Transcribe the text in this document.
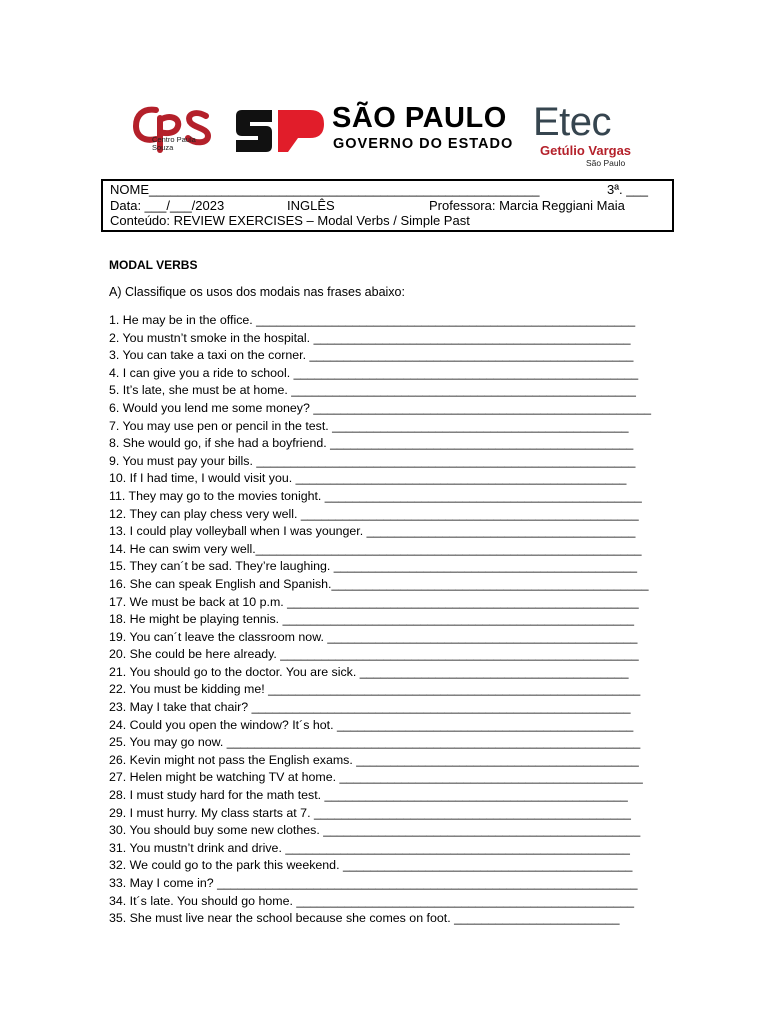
Centro Paula Souza
SÃO PAULO
GOVERNO DO ESTADO Etec
Getúlio Vargas
São Paulo
NOME______________________________________________________	3ª. ___
Data: ___/___/2023	INGLÊS	Professora: Marcia Reggiani Maia
Conteúdo: REVIEW EXERCISES – Modal Verbs / Simple Past
MODAL VERBS
A) Classifique os usos dos modais nas frases abaixo:
1. He may be in the office. _______________________________________________________
2. You mustn’t smoke in the hospital. ______________________________________________
3. You can take a taxi on the corner. _______________________________________________
4. I can give you a ride to school. __________________________________________________
5. It’s late, she must be at home. __________________________________________________
6. Would you lend me some money? _________________________________________________
7. You may use pen or pencil in the test. ___________________________________________
8. She would go, if she had a boyfriend. ____________________________________________
9. You must pay your bills. _______________________________________________________
10. If I had time, I would visit you. ________________________________________________
11. They may go to the movies tonight. ______________________________________________
12. They can play chess very well. _________________________________________________
13. I could play volleyball when I was younger. _______________________________________
14. He can swim very well.________________________________________________________
15. They can´t be sad. They’re laughing. ____________________________________________
16. She can speak English and Spanish.______________________________________________
17. We must be back at 10 p.m. ___________________________________________________
18. He might be playing tennis. ___________________________________________________
19. You can´t leave the classroom now. _____________________________________________
20. She could be here already. ____________________________________________________
21. You should go to the doctor. You are sick. _______________________________________
22. You must be kidding me! ______________________________________________________
23. May I take that chair? _______________________________________________________
24. Could you open the window? It´s hot. ___________________________________________
25. You may go now. ____________________________________________________________
26. Kevin might not pass the English exams. _________________________________________
27. Helen might be watching TV at home. ____________________________________________
28. I must study hard for the math test. ____________________________________________
29. I must hurry. My class starts at 7. ______________________________________________
30. You should buy some new clothes. ______________________________________________
31. You mustn’t drink and drive. __________________________________________________
32. We could go to the park this weekend. __________________________________________
33. May I come in? _____________________________________________________________
34. It´s late. You should go home. _________________________________________________
35. She must live near the school because she comes on foot. ________________________
